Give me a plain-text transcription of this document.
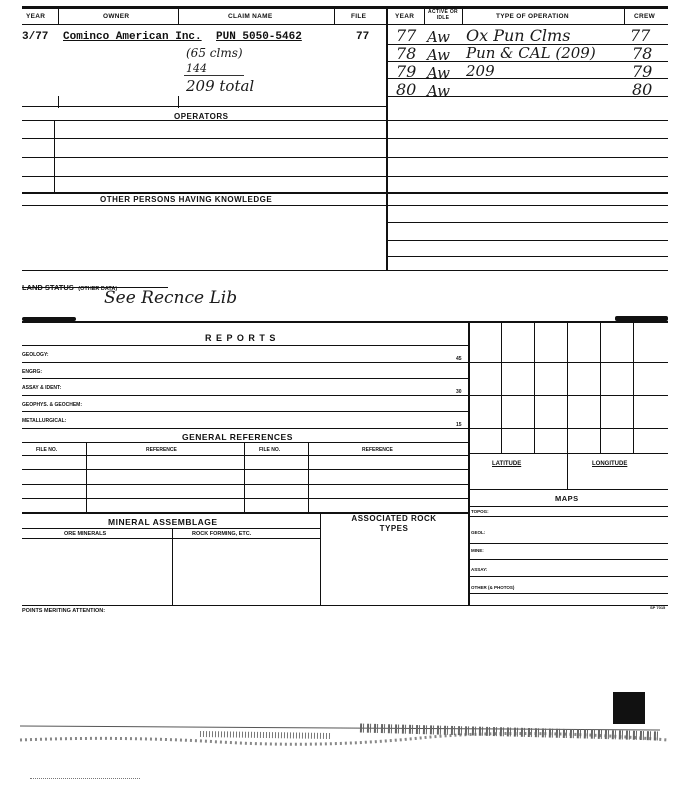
YEAR	OWNER	CLAIM NAME	FILE	YEAR
ACTIVE OR IDLE	TYPE OF OPERATION	CREW
3/77 Cominco American Inc. PUN 5050-5462	77
(65 clms)
144
209 total
77 Aw Ox Pun Clms	77
78 Aw Pun & CAL (209) 78
79 Aw 209	79
80 Aw	80
OPERATORS
OTHER PERSONS HAVING KNOWLEDGE
LAND STATUS (OTHER DATA)
See Recnce Lib
R E P O R T S
GEOLOGY:
45
ENGRG:
ASSAY & IDENT:
30
GEOPHYS. & GEOCHEM:
METALLURGICAL:
15
GENERAL REFERENCES
FILE NO.	REFERENCE	FILE NO.	REFERENCE
MINERAL ASSEMBLAGE	ASSOCIATED ROCK TYPES
ORE MINERALS	ROCK FORMING, ETC.
POINTS MERITING ATTENTION:
SP 7015
LATITUDE	LONGITUDE
MAPS
TOPOG:
GEOL:
MINE:
ASSAY:
OTHER (& PHOTOS)
